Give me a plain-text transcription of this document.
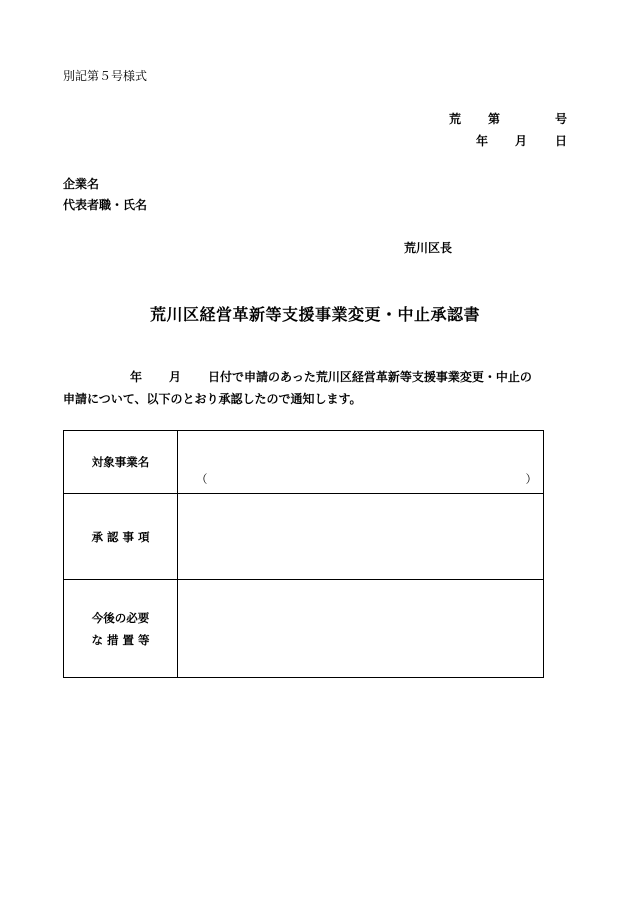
別記第５号様式
荒 第	号
年 月 日
企業名
代表者職・氏名
荒川区長
荒川区経営革新等支援事業変更・中止承認書
年 月 日付で申請のあった荒川区経営革新等支援事業変更・中止の
申請について、以下のとおり承認したので通知します。
対象事業名	（ ）

承 認 事 項	

今後の必要
な 措 置 等	
